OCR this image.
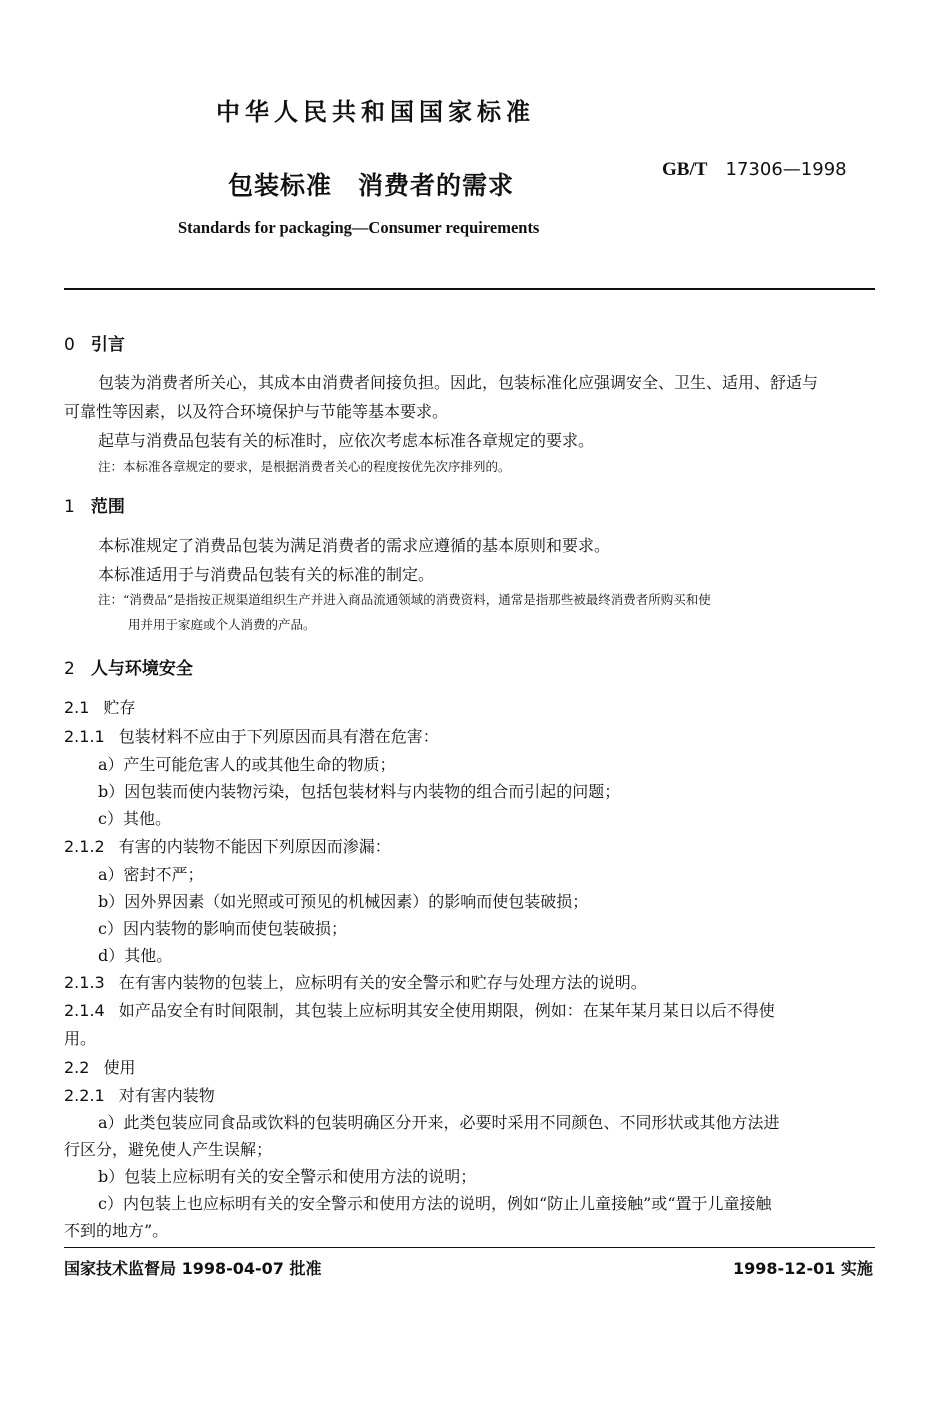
中华人民共和国国家标准
包装标准　消费者的需求
GB/T 17306—1998
Standards for packaging—Consumer requirements
0 引言
包装为消费者所关心，其成本由消费者间接负担。因此，包装标准化应强调安全、卫生、适用、舒适与
可靠性等因素，以及符合环境保护与节能等基本要求。
起草与消费品包装有关的标准时，应依次考虑本标准各章规定的要求。
注：本标准各章规定的要求，是根据消费者关心的程度按优先次序排列的。
1 范围
本标准规定了消费品包装为满足消费者的需求应遵循的基本原则和要求。
本标准适用于与消费品包装有关的标准的制定。
注：“消费品”是指按正规渠道组织生产并进入商品流通领域的消费资料，通常是指那些被最终消费者所购买和使
用并用于家庭或个人消费的产品。
2 人与环境安全
2.1 贮存
2.1.1 包装材料不应由于下列原因而具有潜在危害：
a）产生可能危害人的或其他生命的物质；
b）因包装而使内装物污染，包括包装材料与内装物的组合而引起的问题；
c）其他。
2.1.2 有害的内装物不能因下列原因而渗漏：
a）密封不严；
b）因外界因素（如光照或可预见的机械因素）的影响而使包装破损；
c）因内装物的影响而使包装破损；
d）其他。
2.1.3 在有害内装物的包装上，应标明有关的安全警示和贮存与处理方法的说明。
2.1.4 如产品安全有时间限制，其包装上应标明其安全使用期限，例如：在某年某月某日以后不得使
用。
2.2 使用
2.2.1 对有害内装物
a）此类包装应同食品或饮料的包装明确区分开来，必要时采用不同颜色、不同形状或其他方法进
行区分，避免使人产生误解；
b）包装上应标明有关的安全警示和使用方法的说明；
c）内包装上也应标明有关的安全警示和使用方法的说明，例如“防止儿童接触”或“置于儿童接触
不到的地方”。
国家技术监督局 1998-04-07 批准	1998-12-01 实施
